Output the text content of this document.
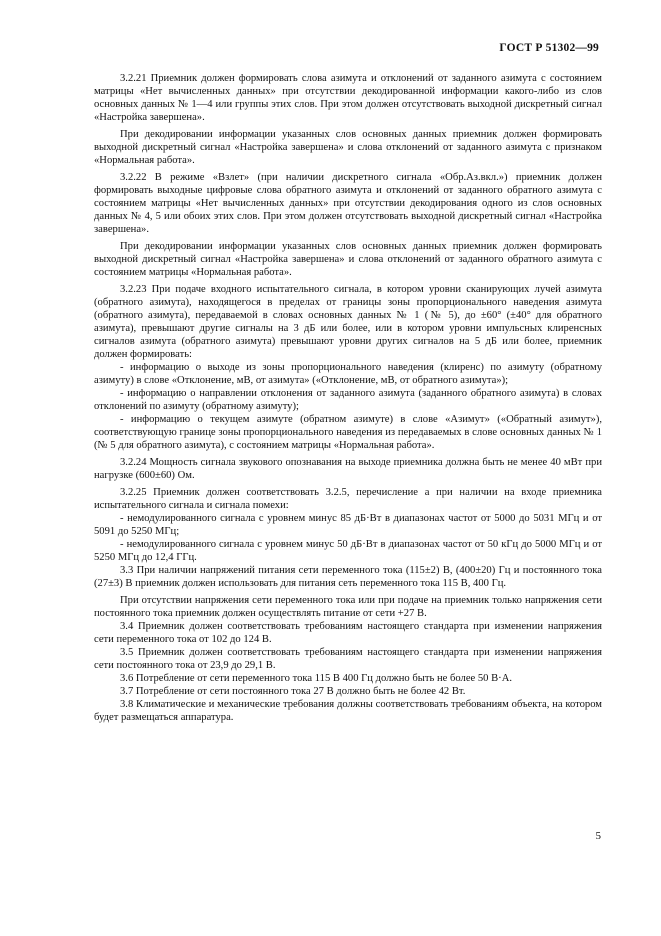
ГОСТ Р 51302—99

3.2.21 Приемник должен формировать слова азимута и отклонений от заданного азимута с состоянием матрицы «Нет вычисленных данных» при отсутствии декодированной информации какого-либо из слов основных данных № 1—4 или группы этих слов. При этом должен отсутствовать выходной дискретный сигнал «Настройка завершена».

При декодировании информации указанных слов основных данных приемник должен формировать выходной дискретный сигнал «Настройка завершена» и слова отклонений от заданного азимута с признаком «Нормальная работа».

3.2.22 В режиме «Взлет» (при наличии дискретного сигнала «Обр.Аз.вкл.») приемник должен формировать выходные цифровые слова обратного азимута и отклонений от заданного обратного азимута с состоянием матрицы «Нет вычисленных данных» при отсутствии декодирования одного из слов основных данных № 4, 5 или обоих этих слов. При этом должен отсутствовать выходной дискретный сигнал «Настройка завершена».

При декодировании информации указанных слов основных данных приемник должен формировать выходной дискретный сигнал «Настройка завершена» и слова отклонений от заданного обратного азимута с состоянием матрицы «Нормальная работа».

3.2.23 При подаче входного испытательного сигнала, в котором уровни сканирующих лучей азимута (обратного азимута), находящегося в пределах от границы зоны пропорционального наведения азимута (обратного азимута), передаваемой в словах основных данных № 1 (№ 5), до ±60° (±40° для обратного азимута), превышают другие сигналы на 3 дБ или более, или в котором уровни импульсных клиренсных сигналов азимута (обратного азимута) превышают уровни других сигналов на 5 дБ или более, приемник должен формировать:

- информацию о выходе из зоны пропорционального наведения (клиренс) по азимуту (обратному азимуту) в слове «Отклонение, мВ, от азимута» («Отклонение, мВ, от обратного азимута»);

- информацию о направлении отклонения от заданного азимута (заданного обратного азимута) в словах отклонений по азимуту (обратному азимуту);

- информацию о текущем азимуте (обратном азимуте) в слове «Азимут» («Обратный азимут»), соответствующую границе зоны пропорционального наведения из передаваемых в слове основных данных № 1 (№ 5 для обратного азимута), с состоянием матрицы «Нормальная работа».

3.2.24 Мощность сигнала звукового опознавания на выходе приемника должна быть не менее 40 мВт при нагрузке (600±60) Ом.

3.2.25 Приемник должен соответствовать 3.2.5, перечисление а при наличии на входе приемника испытательного сигнала и сигнала помехи:

- немодулированного сигнала с уровнем минус 85 дБ·Вт в диапазонах частот от 5000 до 5031 МГц и от 5091 до 5250 МГц;

- немодулированного сигнала с уровнем минус 50 дБ·Вт в диапазонах частот от 50 кГц до 5000 МГц и от 5250 МГц до 12,4 ГГц.

3.3 При наличии напряжений питания сети переменного тока (115±2) В, (400±20) Гц и постоянного тока (27±3) В приемник должен использовать для питания сеть переменного тока 115 В, 400 Гц.

При отсутствии напряжения сети переменного тока или при подаче на приемник только напряжения сети постоянного тока приемник должен осуществлять питание от сети +27 В.

3.4 Приемник должен соответствовать требованиям настоящего стандарта при изменении напряжения сети переменного тока от 102 до 124 В.

3.5 Приемник должен соответствовать требованиям настоящего стандарта при изменении напряжения сети постоянного тока от 23,9 до 29,1 В.

3.6 Потребление от сети переменного тока 115 В 400 Гц должно быть не более 50 В·А.

3.7 Потребление от сети постоянного тока 27 В должно быть не более 42 Вт.

3.8 Климатические и механические требования должны соответствовать требованиям объекта, на котором будет размещаться аппаратура.

5
